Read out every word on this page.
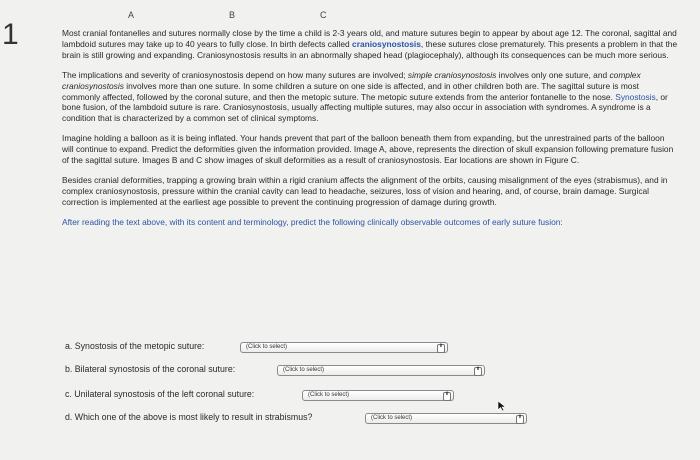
1
A	B	C

Most cranial fontanelles and sutures normally close by the time a child is 2-3 years old, and mature sutures begin to appear by about age 12. The coronal, sagittal and lambdoid sutures may take up to 40 years to fully close. In birth defects called craniosynostosis, these sutures close prematurely. This presents a problem in that the brain is still growing and expanding. Craniosynostosis results in an abnormally shaped head (plagiocephaly), although its consequences can be much more serious.

The implications and severity of craniosynostosis depend on how many sutures are involved; simple craniosynostosis involves only one suture, and complex craniosynostosis involves more than one suture. In some children a suture on one side is affected, and in other children both are. The sagittal suture is most commonly affected, followed by the coronal suture, and then the metopic suture. The metopic suture extends from the anterior fontanelle to the nose. Synostosis, or bone fusion, of the lambdoid suture is rare. Craniosynostosis, usually affecting multiple sutures, may also occur in association with syndromes. A syndrome is a condition that is characterized by a common set of clinical symptoms.

Imagine holding a balloon as it is being inflated. Your hands prevent that part of the balloon beneath them from expanding, but the unrestrained parts of the balloon will continue to expand. Predict the deformities given the information provided. Image A, above, represents the direction of skull expansion following premature fusion of the sagittal suture. Images B and C show images of skull deformities as a result of craniosynostosis. Ear locations are shown in Figure C.

Besides cranial deformities, trapping a growing brain within a rigid cranium affects the alignment of the orbits, causing misalignment of the eyes (strabismus), and in complex craniosynostosis, pressure within the cranial cavity can lead to headache, seizures, loss of vision and hearing, and, of course, brain damage. Surgical correction is implemented at the earliest age possible to prevent the continuing progression of damage during growth.

After reading the text above, with its content and terminology, predict the following clinically observable outcomes of early suture fusion:

a. Synostosis of the metopic suture:	(Click to select)	⬍
b. Bilateral synostosis of the coronal suture:	(Click to select)	⬍
c. Unilateral synostosis of the left coronal suture:	(Click to select)	⬍
d. Which one of the above is most likely to result in strabismus?	(Click to select)	⬍
